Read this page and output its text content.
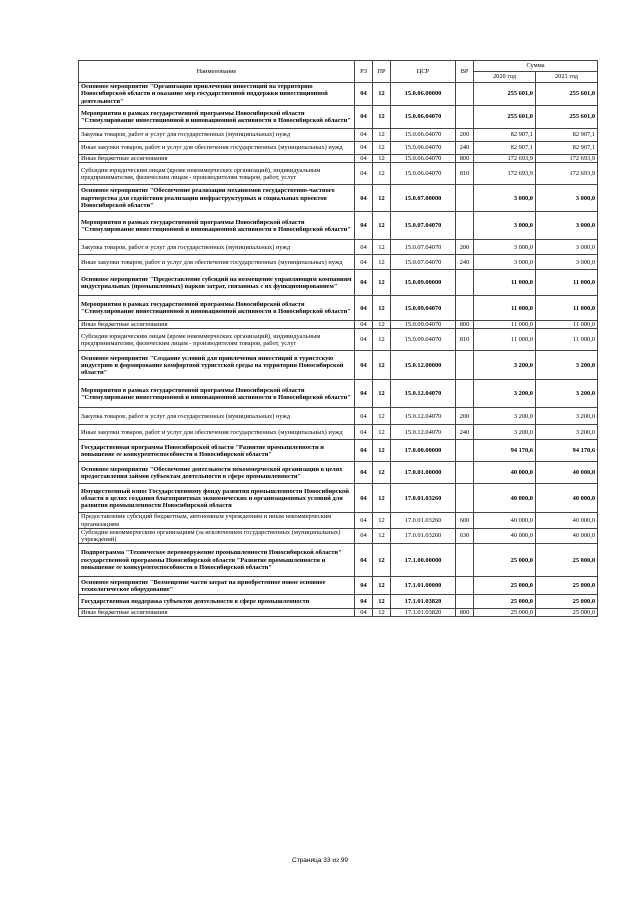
Наименование	РЗ	ПР	ЦСР	ВР	Сумма	
					2020 год	2021 год
Основное мероприятие "Организация привлечения инвестиций на территорию Новосибирской области и оказание мер государственной поддержки инвестиционной деятельности"	04	12	15.0.06.00000		255 601,0	255 601,0
Мероприятия в рамках государственной программы Новосибирской области "Стимулирование инвестиционной и инновационной активности в Новосибирской области"	04	12	15.0.06.04070		255 601,0	255 601,0
Закупка товаров, работ и услуг для государственных (муниципальных) нужд	04	12	15.0.06.04070	200	82 907,1	82 907,1
Иные закупки товаров, работ и услуг для обеспечения государственных (муниципальных) нужд	04	12	15.0.06.04070	240	82 907,1	82 907,1
Иные бюджетные ассигнования	04	12	15.0.06.04070	800	172 693,9	172 693,9
Субсидии юридическим лицам (кроме некоммерческих организаций), индивидуальным предпринимателям, физическим лицам - производителям товаров, работ, услуг	04	12	15.0.06.04070	810	172 693,9	172 693,9
Основное мероприятие "Обеспечение реализации механизмов государственно-частного партнерства для содействия реализации инфраструктурных и социальных проектов Новосибирской области"	04	12	15.0.07.00000		3 000,0	3 000,0
Мероприятия в рамках государственной программы Новосибирской области "Стимулирование инвестиционной и инновационной активности в Новосибирской области"	04	12	15.0.07.04070		3 000,0	3 000,0
Закупка товаров, работ и услуг для государственных (муниципальных) нужд	04	12	15.0.07.04070	200	3 000,0	3 000,0
Иные закупки товаров, работ и услуг для обеспечения государственных (муниципальных) нужд	04	12	15.0.07.04070	240	3 000,0	3 000,0
Основное мероприятие "Предоставление субсидий на возмещение управляющим компаниям индустриальных (промышленных) парков затрат, связанных с их функционированием"	04	12	15.0.09.00000		11 000,0	11 000,0
Мероприятия в рамках государственной программы Новосибирской области "Стимулирование инвестиционной и инновационной активности в Новосибирской области"	04	12	15.0.09.04070		11 000,0	11 000,0
Иные бюджетные ассигнования	04	12	15.0.09.04070	800	11 000,0	11 000,0
Субсидии юридическим лицам (кроме некоммерческих организаций), индивидуальным предпринимателям, физическим лицам - производителям товаров, работ, услуг	04	12	15.0.09.04070	810	11 000,0	11 000,0
Основное мероприятие "Создание условий для привлечения инвестиций в туристскую индустрию и формирование комфортной туристской среды на территории Новосибирской области"	04	12	15.0.12.00000		3 200,0	3 200,0
Мероприятия в рамках государственной программы Новосибирской области "Стимулирование инвестиционной и инновационной активности в Новосибирской области"	04	12	15.0.12.04070		3 200,0	3 200,0
Закупка товаров, работ и услуг для государственных (муниципальных) нужд	04	12	15.0.12.04070	200	3 200,0	3 200,0
Иные закупки товаров, работ и услуг для обеспечения государственных (муниципальных) нужд	04	12	15.0.12.04070	240	3 200,0	3 200,0
Государственная программа Новосибирской области "Развитие промышленности и повышение ее конкурентоспособности в Новосибирской области"	04	12	17.0.00.00000		94 170,6	94 170,6
Основное мероприятие "Обеспечение деятельности некоммерческой организации в целях предоставления займов субъектам деятельности в сфере промышленности"	04	12	17.0.01.00000		40 000,0	40 000,0
Имущественный взнос Государственному фонду развития промышленности Новосибирской области в целях создания благоприятных экономических и организационных условий для развития промышленности Новосибирской области	04	12	17.0.01.03260		40 000,0	40 000,0
Предоставление субсидий бюджетным, автономным учреждениям и иным некоммерческим организациям	04	12	17.0.01.03260	600	40 000,0	40 000,0
Субсидии некоммерческим организациям (за исключением государственных (муниципальных) учреждений)	04	12	17.0.01.03260	630	40 000,0	40 000,0
Подпрограмма "Техническое перевооружение промышленности Новосибирской области" государственной программы Новосибирской области "Развитие промышленности и повышение ее конкурентоспособности в Новосибирской области"	04	12	17.1.00.00000		25 000,0	25 000,0
Основное мероприятие "Возмещение части затрат на приобретенное новое основное технологическое оборудование"	04	12	17.1.01.00000		25 000,0	25 000,0
Государственная поддержка субъектов деятельности в сфере промышленности	04	12	17.1.01.03820		25 000,0	25 000,0
Иные бюджетные ассигнования	04	12	17.1.01.03820	800	25 000,0	25 000,0
Страница 33 из 99
